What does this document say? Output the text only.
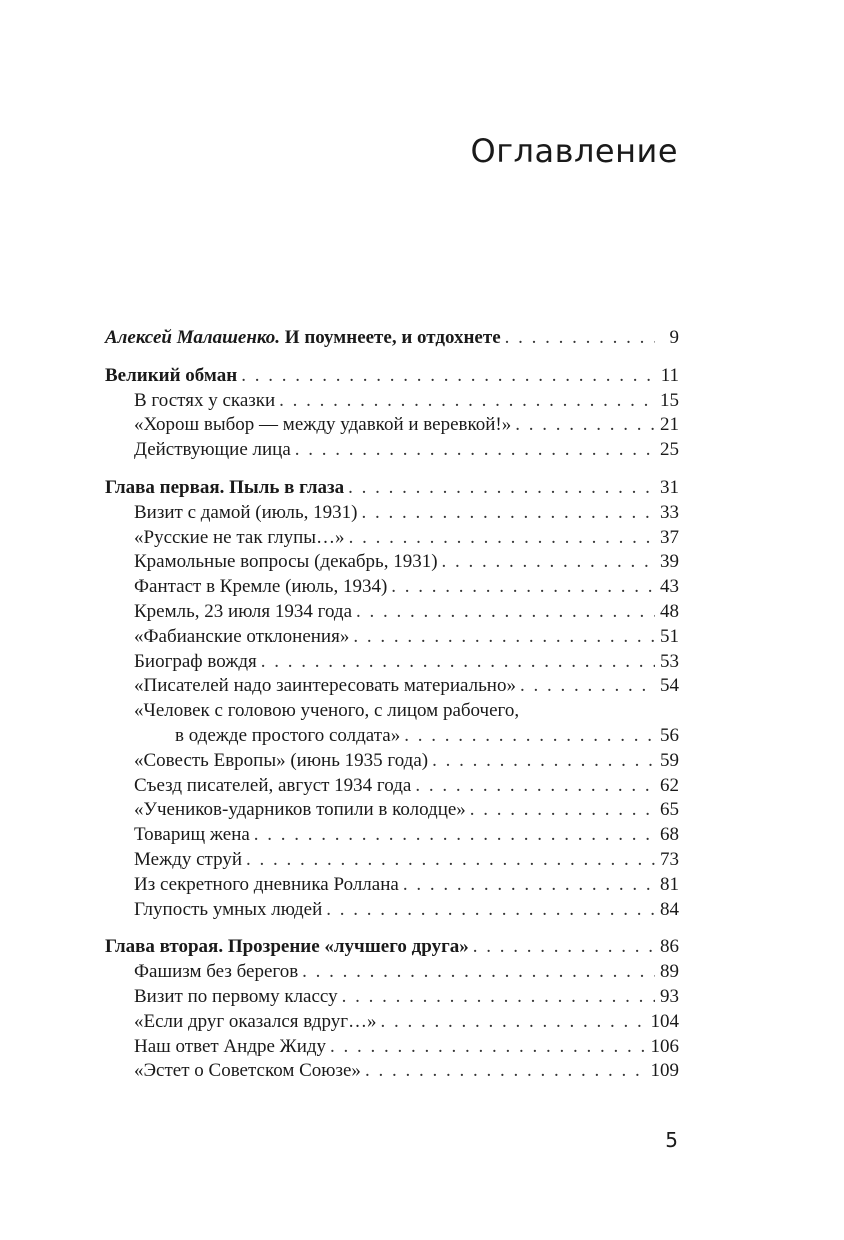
Оглавление
Алексей Малашенко. И поумнеете, и отдохнете . . .	9
Великий обман . . .	11
В гостях у сказки . . .	15
«Хорош выбор — между удавкой и веревкой!» . . .	21
Действующие лица . . .	25
Глава первая. Пыль в глаза . . .	31
Визит с дамой (июль, 1931) . . .	33
«Русские не так глупы…» . . .	37
Крамольные вопросы (декабрь, 1931) . . .	39
Фантаст в Кремле (июль, 1934) . . .	43
Кремль, 23 июля 1934 года . . .	48
«Фабианские отклонения» . . .	51
Биограф вождя . . .	53
«Писателей надо заинтересовать материально» . . .	54
«Человек с головою ученого, с лицом рабочего,
в одежде простого солдата» . . .	56
«Совесть Европы» (июнь 1935 года) . . .	59
Съезд писателей, август 1934 года . . .	62
«Учеников-ударников топили в колодце» . . .	65
Товарищ жена . . .	68
Между струй . . .	73
Из секретного дневника Роллана . . .	81
Глупость умных людей . . .	84
Глава вторая. Прозрение «лучшего друга» . . .	86
Фашизм без берегов . . .	89
Визит по первому классу . . .	93
«Если друг оказался вдруг…» . . .	104
Наш ответ Андре Жиду . . .	106
«Эстет о Советском Союзе» . . .	109
5
